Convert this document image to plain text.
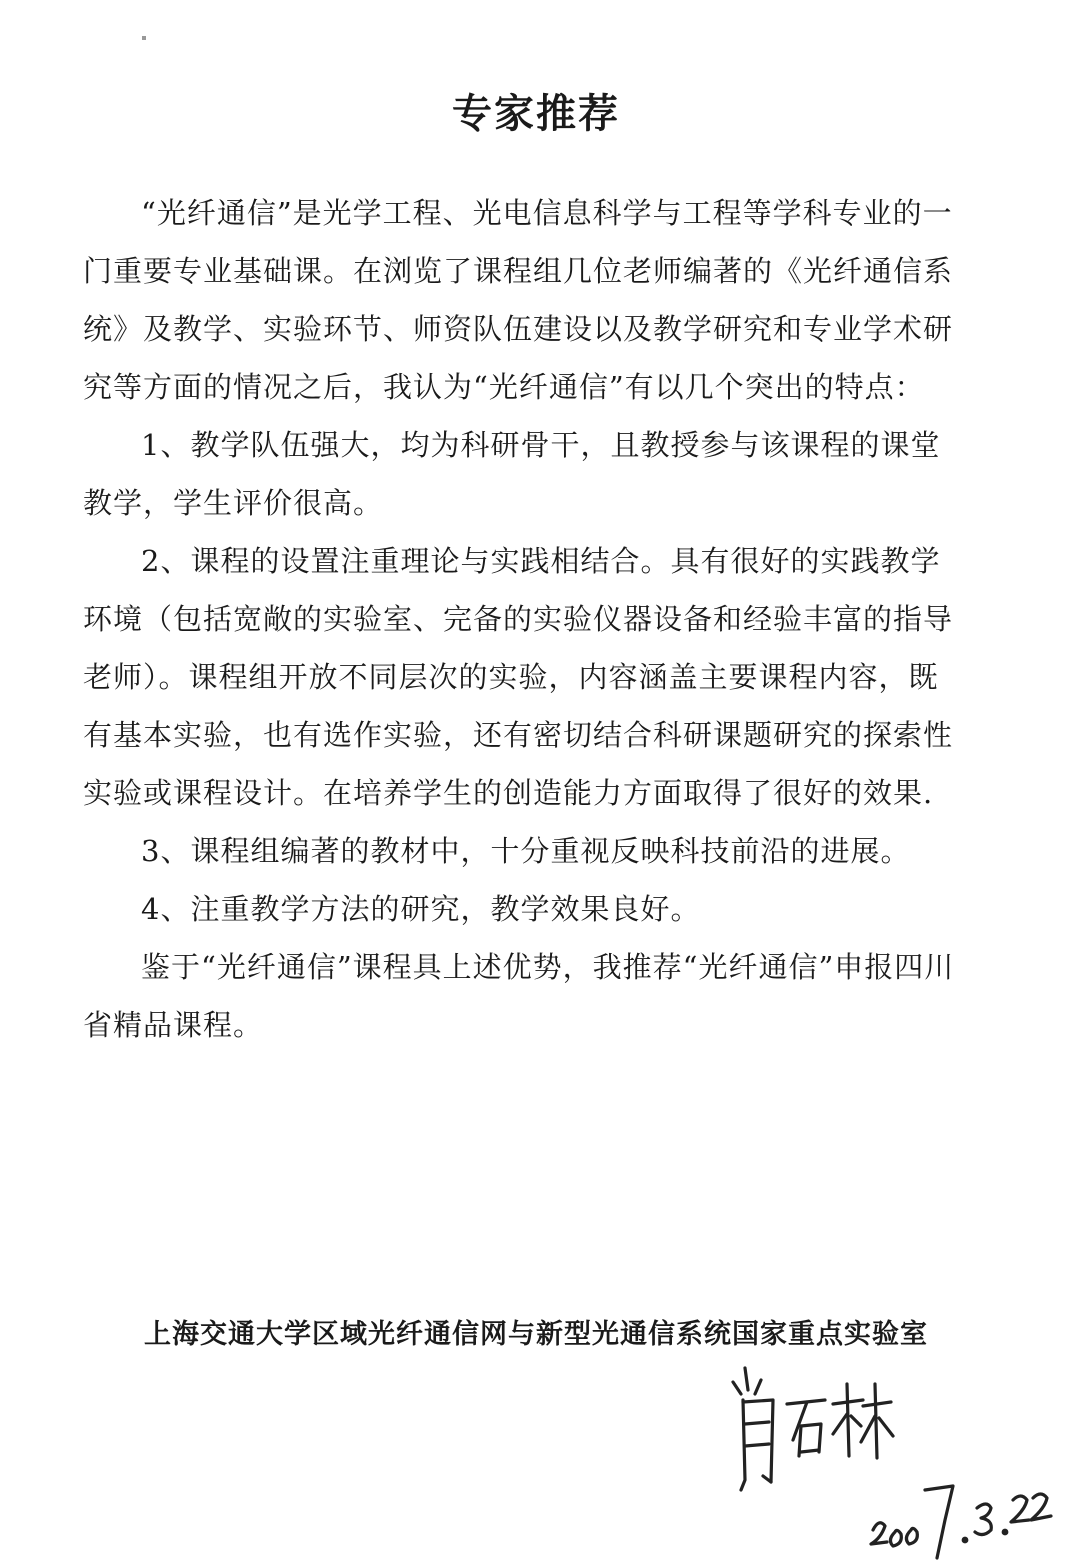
专家推荐

“光纤通信”是光学工程、光电信息科学与工程等学科专业的一门重要专业基础课。在浏览了课程组几位老师编著的《光纤通信系统》及教学、实验环节、师资队伍建设以及教学研究和专业学术研究等方面的情况之后，我认为“光纤通信”有以几个突出的特点：

1、教学队伍强大，均为科研骨干，且教授参与该课程的课堂教学，学生评价很高。

2、课程的设置注重理论与实践相结合。具有很好的实践教学环境（包括宽敞的实验室、完备的实验仪器设备和经验丰富的指导老师）。课程组开放不同层次的实验，内容涵盖主要课程内容，既有基本实验，也有选作实验，还有密切结合科研课题研究的探索性实验或课程设计。在培养学生的创造能力方面取得了很好的效果.

3、课程组编著的教材中，十分重视反映科技前沿的进展。

4、注重教学方法的研究，教学效果良好。

鉴于“光纤通信”课程具上述优势，我推荐“光纤通信”申报四川省精品课程。

上海交通大学区域光纤通信网与新型光通信系统国家重点实验室
